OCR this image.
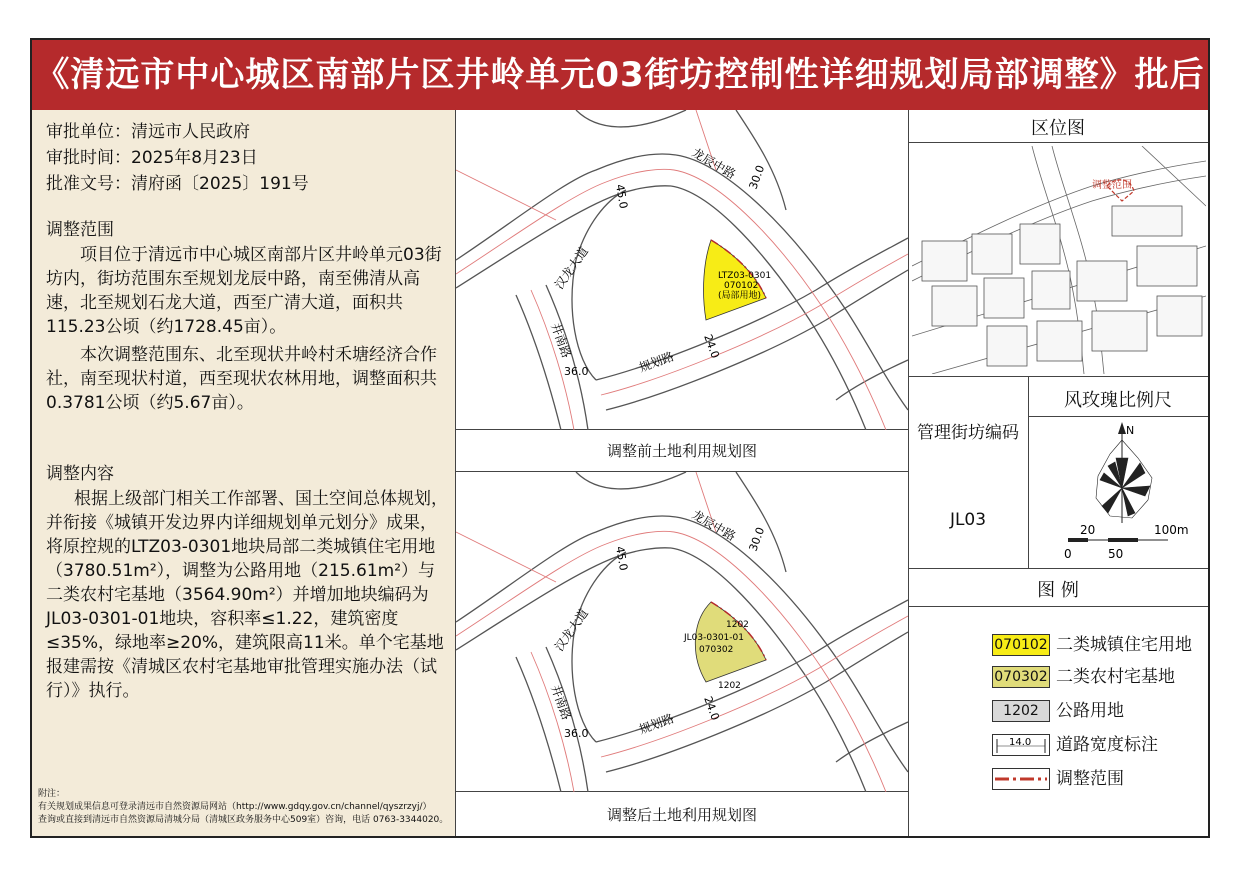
《清远市中心城区南部片区井岭单元03街坊控制性详细规划局部调整》批后公告
审批单位：清远市人民政府
审批时间：2025年8月23日
批准文号：清府函〔2025〕191号
调整范围
项目位于清远市中心城区南部片区井岭单元03街坊内，街坊范围东至规划龙辰中路，南至佛清从高速，北至规划石龙大道，西至广清大道，面积共115.23公顷（约1728.45亩）。
本次调整范围东、北至现状井岭村禾塘经济合作社，南至现状村道，西至现状农林用地，调整面积共0.3781公顷（约5.67亩）。
调整内容
根据上级部门相关工作部署、国土空间总体规划，并衔接《城镇开发边界内详细规划单元划分》成果，将原控规的LTZ03-0301地块局部二类城镇住宅用地（3780.51m²），调整为公路用地（215.61m²）与二类农村宅基地（3564.90m²）并增加地块编码为JL03-0301-01地块，容积率≤1.22，建筑密度≤35%，绿地率≥20%，建筑限高11米。单个宅基地报建需按《清城区农村宅基地审批管理实施办法（试行）》执行。
附注：
有关规划成果信息可登录清远市自然资源局网站（http://www.gdqy.gov.cn/channel/qyszrzyj/）
查询或直接到清远市自然资源局清城分局（清城区政务服务中心509室）咨询，电话 0763-3344020。
LTZ03-0301
070102
(局部用地)
龙辰中路
汉龙大道
井南路
规划路
45.0
30.0
36.0
24.0
调整前土地利用规划图
1202
JL03-0301-01
070302
1202
龙辰中路
汉龙大道
井南路
规划路
45.0
30.0
36.0
24.0
调整后土地利用规划图
区位图
调整范围
管理街坊编码
JL03
风玫瑰比例尺
N
20	100m
0	50
图 例
070102 二类城镇住宅用地
070302 二类农村宅基地
1202	公路用地
14.0 道路宽度标注
调整范围
